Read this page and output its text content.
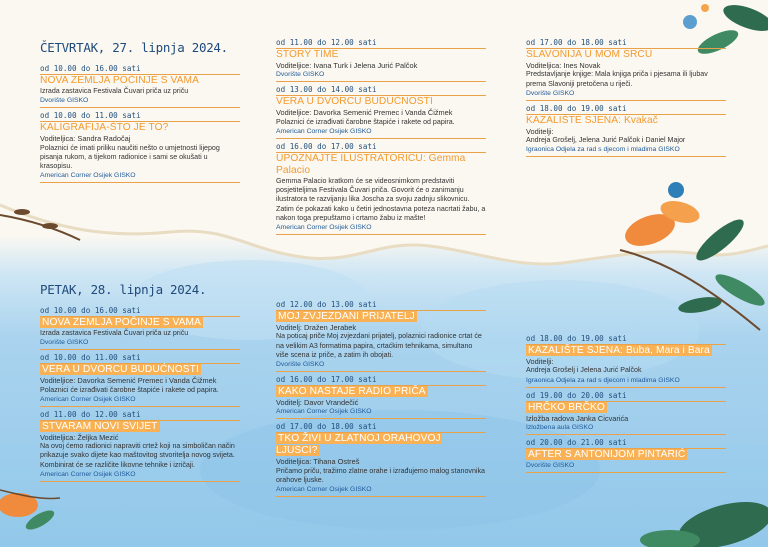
ČETVRTAK, 27. lipnja 2024.
od 10.00 do 16.00 sati
NOVA ZEMLJA POČINJE S VAMA
Izrada zastavica Festivala Čuvari priča uz priču
Dvorište GISKO
od 10.00 do 11.00 sati
KALIGRAFIJA-ŠTO JE TO?
Voditeljica: Sandra Radočaj
Polaznici će imati priliku naučiti nešto o umjetnosti lijepog pisanja rukom, a tijekom radionice i sami se okušati u krasopisu.
American Corner Osijek GISKO
od 11.00 do 12.00 sati
STORY TIME
Voditeljice: Ivana Turk i Jelena Jurić Palčok
Dvorište GISKO
od 13.00 do 14.00 sati
VERA U DVORCU BUDUĆNOSTI
Voditeljice: Davorka Semenić Premec i Vanda Čižmek
Polaznici će izrađivati čarobne štapiće i rakete od papira.
American Corner Osijek GISKO
od 16.00 do 17.00 sati
UPOZNAJTE ILUSTRATORICU: Gemma Palacio
Gemma Palacio kratkom će se videosnimkom predstaviti posjetiteljima Festivala Čuvari priča. Govorit će o zanimanju ilustratora te razvijanju lika Joscha za svoju zadnju slikovnicu. Zatim će pokazati kako u četiri jednostavna poteza nacrtati žabu, a nakon toga prepuštamo i crtamo žabu iz mašte!
American Corner Osijek GISKO
od 17.00 do 18.00 sati
SLAVONIJA U MOM SRCU
Voditeljica: Ines Novak
Predstavljanje knjige: Mala knjiga priča i pjesama ili ljubav prema Slavoniji pretočena u riječi.
Dvorište GISKO
od 18.00 do 19.00 sati
KAZALIŠTE SJENA: Kvakač
Voditelji:
Andreja Grošelj, Jelena Jurić Palčok i Daniel Major
Igraonica Odjela za rad s djecom i mladima GISKO
PETAK, 28. lipnja 2024.
od 10.00 do 16.00 sati
NOVA ZEMLJA POČINJE S VAMA
Izrada zastavica Festivala Čuvari priča uz priču
Dvorište GISKO
od 10.00 do 11.00 sati
VERA U DVORCU BUDUĆNOSTI
Voditeljice: Davorka Semenić Premec i Vanda Čižmek
Polaznici će izrađivati čarobne štapiće i rakete od papira.
American Corner Osijek GISKO
od 11.00 do 12.00 sati
STVARAM NOVI SVIJET
Voditeljica: Željka Mezić
Na ovoj ćemo radionici napraviti crtež koji na simboličan način prikazuje svako dijete kao maštovitog stvoritelja novog svijeta. Kombinirat će se različite likovne tehnike i izričaji.
American Corner Osijek GISKO
od 12.00 do 13.00 sati
MOJ ZVJEZDANI PRIJATELJ
Voditelj: Dražen Jerabek
Na poticaj priče Moj zvjezdani prijatelj, polaznici radionice crtat će na velikim A3 formatima papira, crtaćkim tehnikama, simultano više scena iz priče, a zatim ih obojati.
Dvorište GISKO
od 16.00 do 17.00 sati
KAKO NASTAJE RADIO PRIČA
Voditelj: Davor Vrandečić
American Corner Osijek GISKO
od 17.00 do 18.00 sati
TKO ŽIVI U ZLATNOJ ORAHOVOJ LJUSCI?
Voditeljica: Tihana Ostreš
Pričamo priču, tražimo zlatne orahe i izrađujemo malog stanovnika orahove ljuske.
American Corner Osijek GISKO
od 18.00 do 19.00 sati
KAZALIŠTE SJENA: Buba, Mara i Bara
Voditelji:
Andreja Grošelj i Jelena Jurić Palčok
Igraonica Odjela za rad s djecom i mladima GISKO
od 19.00 do 20.00 sati
HRČKO BRČKO
Izložba radova Janka Cicvarića
Izložbena aula GISKO
od 20.00 do 21.00 sati
AFTER S ANTONIJOM PINTARIĆ
Dvorište GISKO
